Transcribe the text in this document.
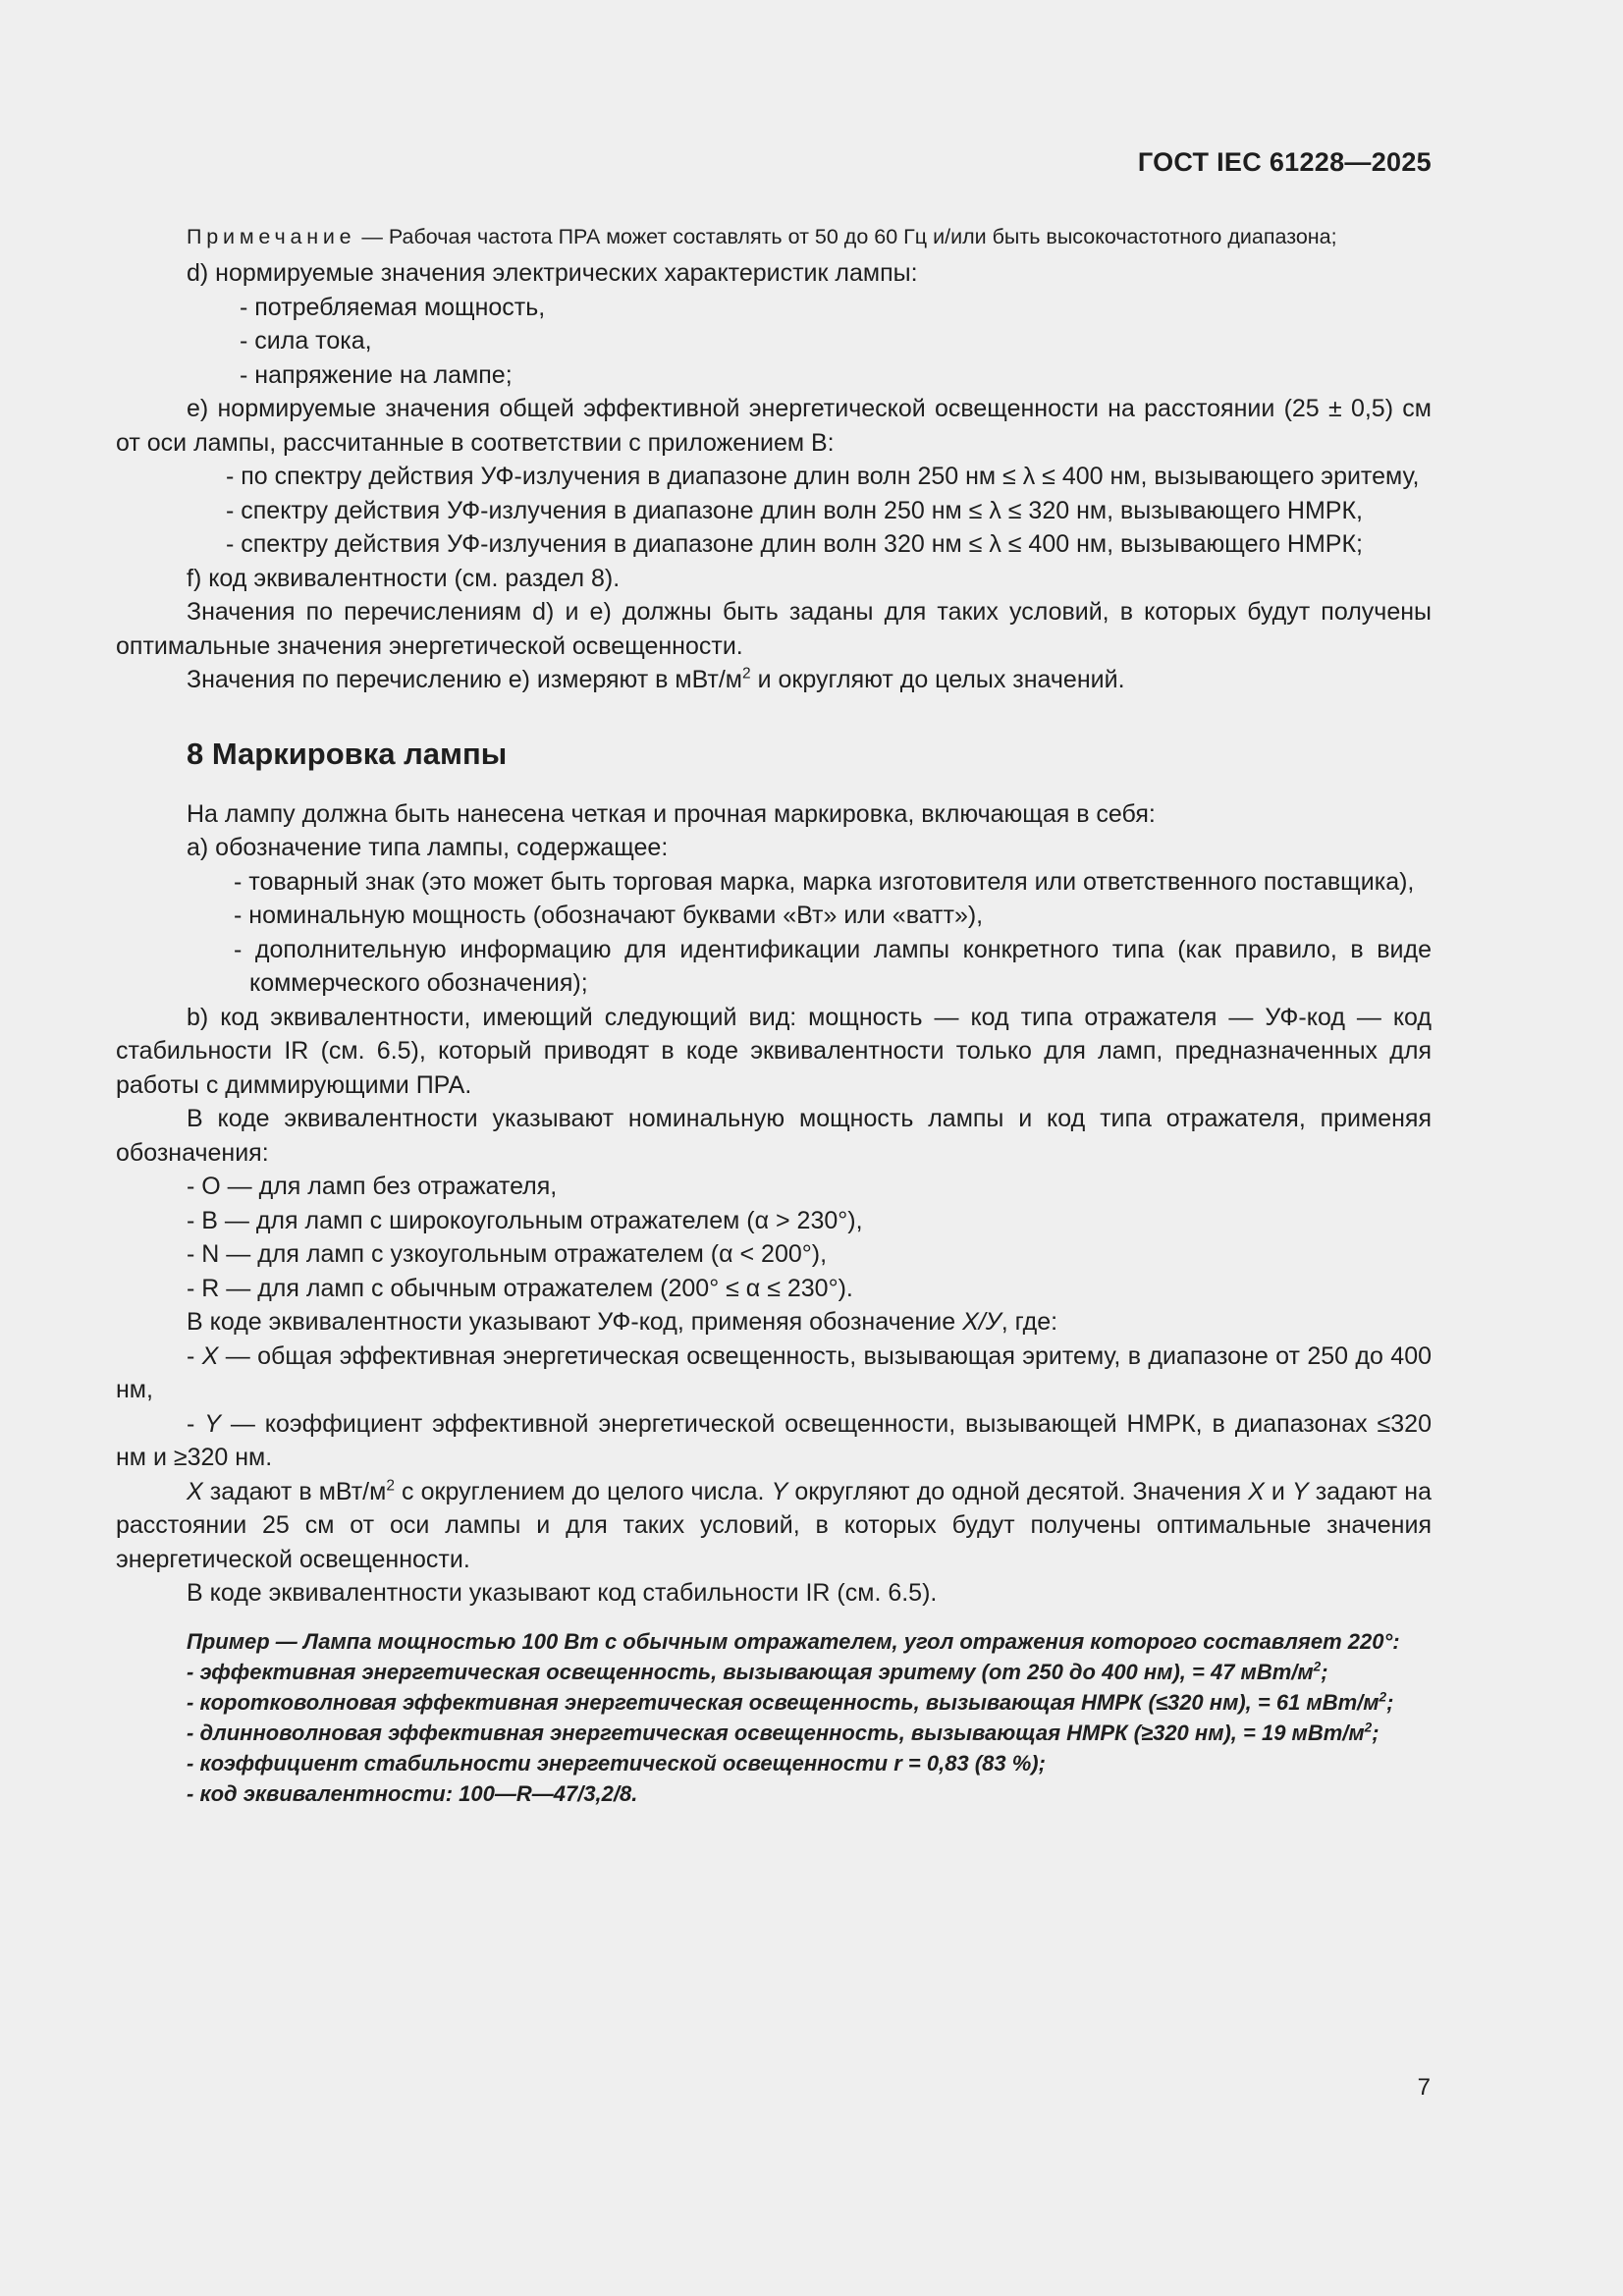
ГОСТ IEC 61228—2025

Примечание — Рабочая частота ПРА может составлять от 50 до 60 Гц и/или быть высокочастотного диапазона;

d) нормируемые значения электрических характеристик лампы:

- потребляемая мощность,

- сила тока,

- напряжение на лампе;

e) нормируемые значения общей эффективной энергетической освещенности на расстоянии (25 ± 0,5) см от оси лампы, рассчитанные в соответствии с приложением B:

- по спектру действия УФ-излучения в диапазоне длин волн 250 нм ≤ λ ≤ 400 нм, вызывающего эритему,

- спектру действия УФ-излучения в диапазоне длин волн 250 нм ≤ λ ≤ 320 нм, вызывающего НМРК,

- спектру действия УФ-излучения в диапазоне длин волн 320 нм ≤ λ ≤ 400 нм, вызывающего НМРК;

f) код эквивалентности (см. раздел 8).

Значения по перечислениям d) и e) должны быть заданы для таких условий, в которых будут получены оптимальные значения энергетической освещенности.

Значения по перечислению e) измеряют в мВт/$м^2$ и округляют до целых значений.

8 Маркировка лампы

На лампу должна быть нанесена четкая и прочная маркировка, включающая в себя:

a) обозначение типа лампы, содержащее:

- товарный знак (это может быть торговая марка, марка изготовителя или ответственного поставщика),

- номинальную мощность (обозначают буквами «Вт» или «ватт»),

- дополнительную информацию для идентификации лампы конкретного типа (как правило, в виде коммерческого обозначения);

b) код эквивалентности, имеющий следующий вид: мощность — код типа отражателя — УФ-код — код стабильности IR (см. 6.5), который приводят в коде эквивалентности только для ламп, предназначенных для работы с диммирующими ПРА.

В коде эквивалентности указывают номинальную мощность лампы и код типа отражателя, применяя обозначения:

- O — для ламп без отражателя,

- B — для ламп с широкоугольным отражателем (α > 230°),

- N — для ламп с узкоугольным отражателем (α < 200°),

- R — для ламп с обычным отражателем (200° ≤ α ≤ 230°).

В коде эквивалентности указывают УФ-код, применяя обозначение X/У, где:

- X — общая эффективная энергетическая освещенность, вызывающая эритему, в диапазоне от 250 до 400 нм,

- Y — коэффициент эффективной энергетической освещенности, вызывающей НМРК, в диапазонах ≤320 нм и ≥320 нм.

X задают в мВт/$м^2$ с округлением до целого числа. Y округляют до одной десятой. Значения X и Y задают на расстоянии 25 см от оси лампы и для таких условий, в которых будут получены оптимальные значения энергетической освещенности.

В коде эквивалентности указывают код стабильности IR (см. 6.5).

Пример — Лампа мощностью 100 Вт с обычным отражателем, угол отражения которого составляет 220°:

- эффективная энергетическая освещенность, вызывающая эритему (от 250 до 400 нм), = 47 мВт/$м^2$;

- коротковолновая эффективная энергетическая освещенность, вызывающая НМРК (≤320 нм), = 61 мВт/$м^2$;

- длинноволновая эффективная энергетическая освещенность, вызывающая НМРК (≥320 нм), = 19 мВт/$м^2$;

- коэффициент стабильности энергетической освещенности r = 0,83 (83 %);

- код эквивалентности: 100—R—47/3,2/8.

7
